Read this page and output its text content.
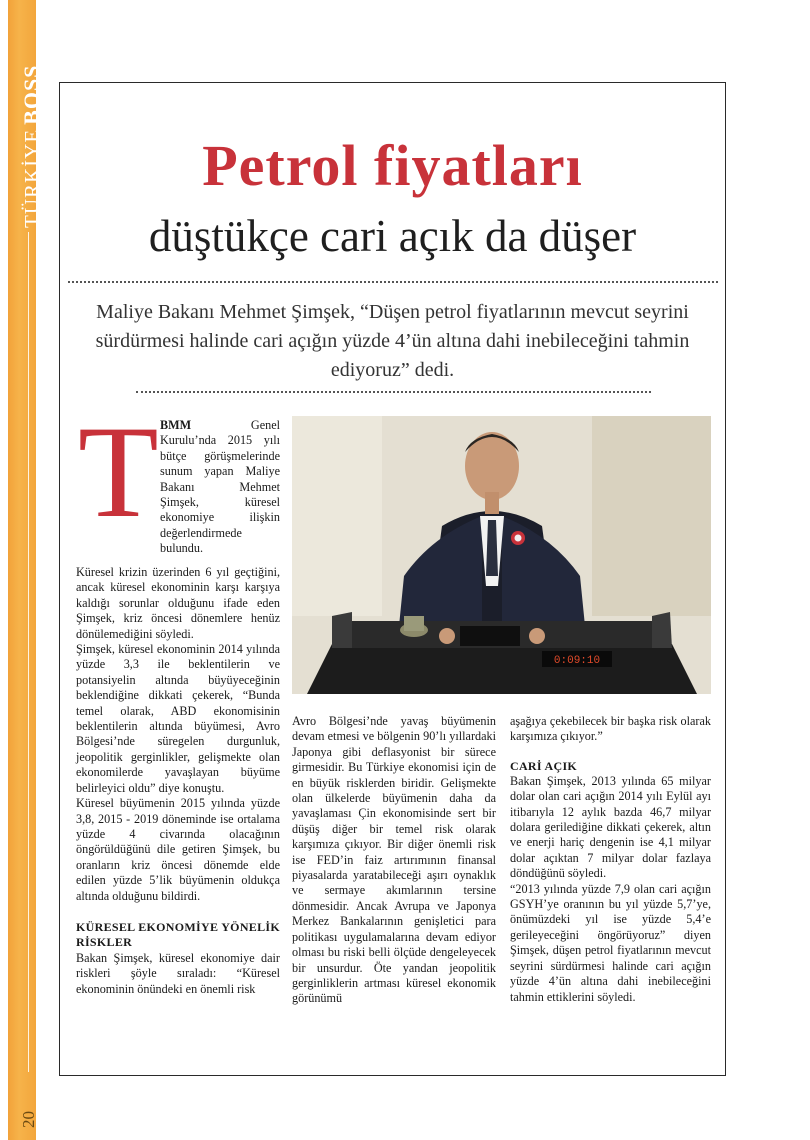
TÜRKİYE BOSS
20
Petrol fiyatları
düştükçe cari açık da düşer
Maliye Bakanı Mehmet Şimşek, “Düşen petrol fiyatlarının mevcut seyrini sürdürmesi halinde cari açığın yüzde 4’ün altına dahi inebileceğini tahmin ediyoruz” dedi.
0:09:10
T BMM Genel Kurulu’nda 2015 yılı bütçe görüşmelerinde sunum yapan Maliye Bakanı Mehmet Şimşek, küresel ekonomiye ilişkin değerlendirmede bulundu.

Küresel krizin üzerinden 6 yıl geçtiğini, ancak küresel ekonominin karşı karşıya kaldığı sorunlar olduğunu ifade eden Şimşek, kriz öncesi dönemlere henüz dönülemediğini söyledi.

Şimşek, küresel ekonominin 2014 yılında yüzde 3,3 ile beklentilerin ve potansiyelin altında büyüyeceğinin beklendiğine dikkati çekerek, “Bunda temel olarak, ABD ekonomisinin beklentilerin altında büyümesi, Avro Bölgesi’nde süregelen durgunluk, jeopolitik gerginlikler, gelişmekte olan ekonomilerde yavaşlayan büyüme belirleyici oldu” diye konuştu.

Küresel büyümenin 2015 yılında yüzde 3,8, 2015 - 2019 döneminde ise ortalama yüzde 4 civarında olacağının öngörüldüğünü dile getiren Şimşek, bu oranların kriz öncesi dönemde elde edilen yüzde 5’lik büyümenin oldukça altında olduğunu bildirdi.

KÜRESEL EKONOMİYE YÖNELİK RİSKLER

Bakan Şimşek, küresel ekonomiye dair riskleri şöyle sıraladı: “Küresel ekonominin önündeki en önemli risk

Avro Bölgesi’nde yavaş büyümenin devam etmesi ve bölgenin 90’lı yıllardaki Japonya gibi deflasyonist bir sürece girmesidir. Bu Türkiye ekonomisi için de en büyük risklerden biridir. Gelişmekte olan ülkelerde büyümenin daha da yavaşlaması Çin ekonomisinde sert bir düşüş diğer bir temel risk olarak karşımıza çıkıyor. Bir diğer önemli risk ise FED’in faiz artırımının finansal piyasalarda yaratabileceği aşırı oynaklık ve sermaye akımlarının tersine dönmesidir. Ancak Avrupa ve Japonya Merkez Bankalarının genişletici para politikası uygulamalarına devam ediyor olması bu riski belli ölçüde dengeleyecek bir unsurdur. Öte yandan jeopolitik gerginliklerin artması küresel ekonomik görünümü

aşağıya çekebilecek bir başka risk olarak karşımıza çıkıyor.”

CARİ AÇIK

Bakan Şimşek, 2013 yılında 65 milyar dolar olan cari açığın 2014 yılı Eylül ayı itibarıyla 12 aylık bazda 46,7 milyar dolara gerilediğine dikkati çekerek, altın ve enerji hariç dengenin ise 4,1 milyar dolar açıktan 7 milyar dolar fazlaya döndüğünü söyledi.

“2013 yılında yüzde 7,9 olan cari açığın GSYH’ye oranının bu yıl yüzde 5,7’ye, önümüzdeki yıl ise yüzde 5,4’e gerileyeceğini öngörüyoruz” diyen Şimşek, düşen petrol fiyatlarının mevcut seyrini sürdürmesi halinde cari açığın yüzde 4’ün altına dahi inebileceğini tahmin ettiklerini söyledi.
